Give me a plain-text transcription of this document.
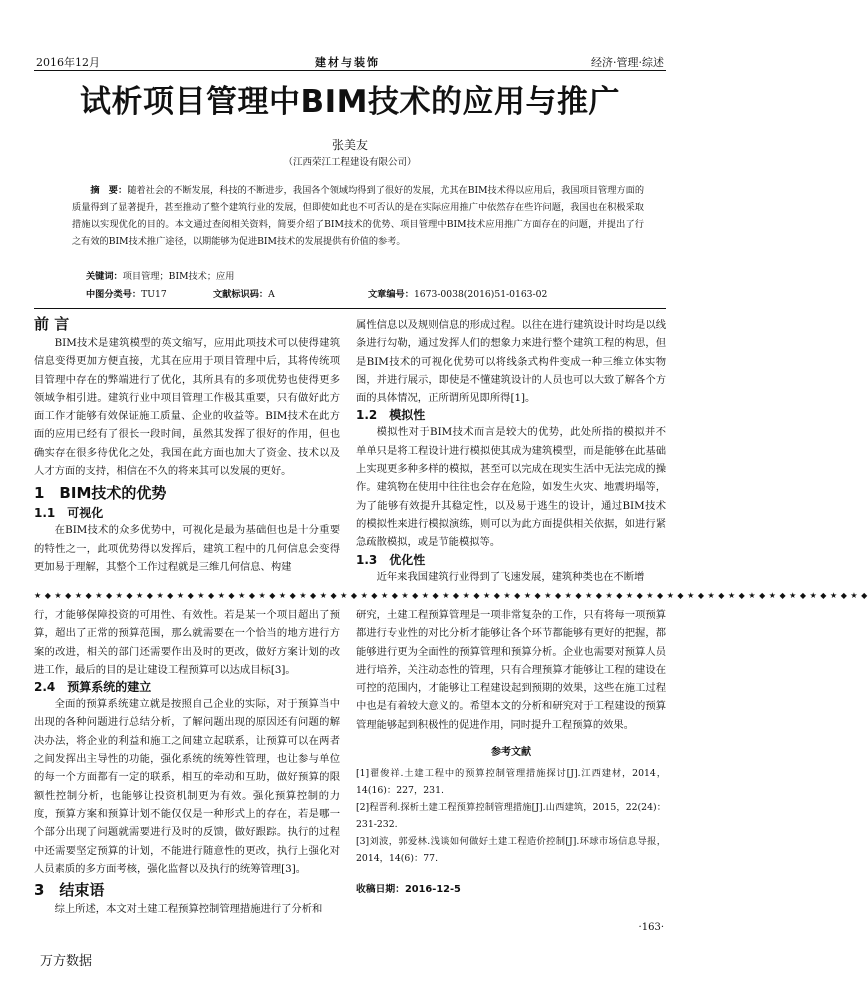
2016年12月	建材与装饰	经济·管理·综述
试析项目管理中BIM技术的应用与推广
张美友
（江西荣江工程建设有限公司）
摘　要：随着社会的不断发展，科技的不断进步，我国各个领域均得到了很好的发展，尤其在BIM技术得以应用后，我国项目管理方面的质量得到了显著提升，甚至推动了整个建筑行业的发展，但即使如此也不可否认的是在实际应用推广中依然存在些许问题，我国也在积极采取措施以实现优化的目的。本文通过查阅相关资料，简要介绍了BIM技术的优势、项目管理中BIM技术应用推广方面存在的问题，并提出了行之有效的BIM技术推广途径，以期能够为促进BIM技术的发展提供有价值的参考。
关键词：项目管理；BIM技术；应用
中图分类号：TU17	文献标识码：A	文章编号：1673-0038(2016)51-0163-02
前 言

BIM技术是建筑模型的英文缩写，应用此项技术可以使得建筑信息变得更加方便直接，尤其在应用于项目管理中后，其将传统项目管理中存在的弊端进行了优化，其所具有的多项优势也使得更多领域争相引进。建筑行业中项目管理工作极其重要，只有做好此方面工作才能够有效保证施工质量、企业的收益等。BIM技术在此方面的应用已经有了很长一段时间，虽然其发挥了很好的作用，但也确实存在很多待优化之处，我国在此方面也加大了资金、技术以及人才方面的支持，相信在不久的将来其可以发展的更好。

1　BIM技术的优势
1.1　可视化

在BIM技术的众多优势中，可视化是最为基础但也是十分重要的特性之一，此项优势得以发挥后，建筑工程中的几何信息会变得更加易于理解，其整个工作过程就是三维几何信息、构建

属性信息以及规则信息的形成过程。以往在进行建筑设计时均是以线条进行勾勒，通过发挥人们的想象力来进行整个建筑工程的构思，但是BIM技术的可视化优势可以将线条式构件变成一种三维立体实物图，并进行展示，即使是不懂建筑设计的人员也可以大致了解各个方面的具体情况，正所谓所见即所得[1]。

1.2　模拟性

模拟性对于BIM技术而言是较大的优势，此处所指的模拟并不单单只是将工程设计进行模拟使其成为建筑模型，而是能够在此基础上实现更多种多样的模拟，甚至可以完成在现实生活中无法完成的操作。建筑物在使用中往往也会存在危险，如发生火灾、地震坍塌等，为了能够有效提升其稳定性，以及易于逃生的设计，通过BIM技术的模拟性来进行模拟演练，则可以为此方面提供相关依据，如进行紧急疏散模拟，或是节能模拟等。

1.3　优化性

近年来我国建筑行业得到了飞速发展，建筑种类也在不断增

★ ◆ ★ ◆ ★ ◆ ★ ◆ ★ ◆ ★ ◆ ★ ◆ ★ ◆ ★ ◆ ★ ◆ ★ ◆ ★ ◆ ★ ◆ ★ ◆ ★ ◆ ★ ◆ ★ ◆ ★ ◆ ★ ◆ ★ ◆ ★ ◆ ★ ◆ ★ ◆ ★ ◆ ★ ◆ ★ ◆ ★ ◆ ★ ◆ ★ ◆ ★ ◆ ★ ◆ ★ ◆ ★ ◆ ★ ◆ ★ ◆ ★ ◆ ★ ◆ ★ ◆ ★ ◆ ★ ◆ ★ ◆

行，才能够保障投资的可用性、有效性。若是某一个项目超出了预算，超出了正常的预算范围，那么就需要在一个恰当的地方进行方案的改进，相关的部门还需要作出及时的更改，做好方案计划的改进工作，最后的目的是让建设工程预算可以达成目标[3]。

2.4　预算系统的建立

全面的预算系统建立就是按照自己企业的实际，对于预算当中出现的各种问题进行总结分析，了解问题出现的原因还有问题的解决办法，将企业的利益和施工之间建立起联系，让预算可以在两者之间发挥出主导性的功能，强化系统的统筹性管理，也让参与单位的每一个方面都有一定的联系，相互的牵动和互助，做好预算的限额性控制分析，也能够让投资机制更为有效。强化预算控制的力度，预算方案和预算计划不能仅仅是一种形式上的存在，若是哪一个部分出现了问题就需要进行及时的反馈，做好跟踪。执行的过程中还需要坚定预算的计划，不能进行随意性的更改，执行上强化对人员素质的多方面考核，强化监督以及执行的统筹管理[3]。

3　结束语

综上所述，本文对土建工程预算控制管理措施进行了分析和

研究，土建工程预算管理是一项非常复杂的工作，只有将每一项预算都进行专业性的对比分析才能够让各个环节都能够有更好的把握，都能够进行更为全面性的预算管理和预算分析。企业也需要对预算人员进行培养，关注动态性的管理，只有合理预算才能够让工程的建设在可控的范围内，才能够让工程建设起到预期的效果，这些在施工过程中也是有着较大意义的。希望本文的分析和研究对于工程建设的预算管理能够起到积极性的促进作用，同时提升工程预算的效果。

参考文献
[1]翟俊祥.土建工程中的预算控制管理措施探讨[J].江西建材，2014，14(16)：227，231.
[2]程晋利.探析土建工程预算控制管理措施[J].山西建筑，2015，22(24)：231-232.
[3]刘波，郭爱林.浅谈如何做好土建工程造价控制[J].环球市场信息导报，2014，14(6)：77.
收稿日期：2016-12-5
·163·
万方数据
